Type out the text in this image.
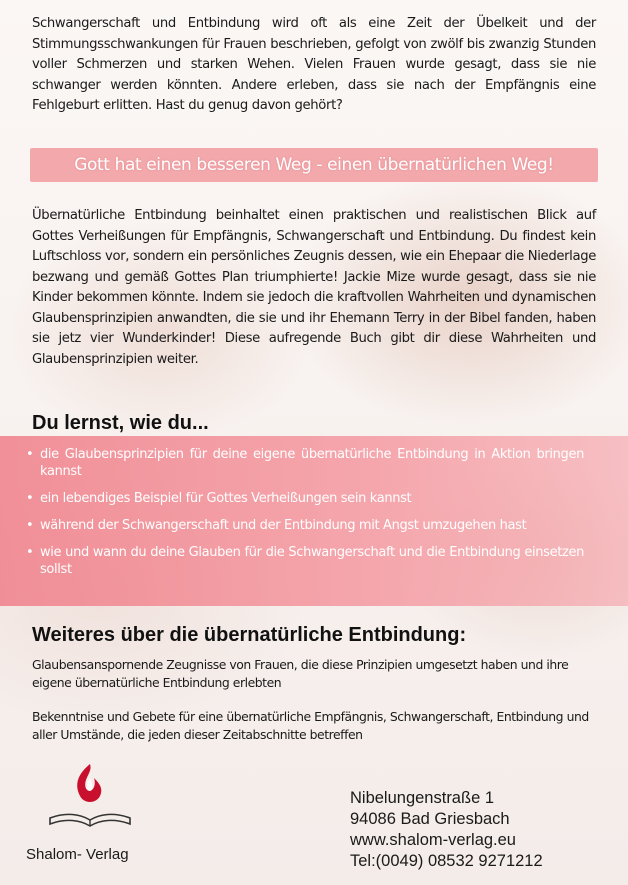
Schwangerschaft und Entbindung wird oft als eine Zeit der Übelkeit und der Stimmungsschwankungen für Frauen beschrieben, gefolgt von zwölf bis zwanzig Stunden voller Schmerzen und starken Wehen. Vielen Frauen wurde gesagt, dass sie nie schwanger werden könnten. Andere erleben, dass sie nach der Empfängnis eine Fehlgeburt erlitten. Hast du genug davon gehört?

Gott hat einen besseren Weg - einen übernatürlichen Weg!

Übernatürliche Entbindung beinhaltet einen praktischen und realistischen Blick auf Gottes Verheißungen für Empfängnis, Schwangerschaft und Entbindung. Du findest kein Luftschloss vor, sondern ein persönliches Zeugnis dessen, wie ein Ehepaar die Niederlage bezwang und gemäß Gottes Plan triumphierte! Jackie Mize wurde gesagt, dass sie nie Kinder bekommen könnte. Indem sie jedoch die kraftvollen Wahrheiten und dynamischen Glaubensprinzipien anwandten, die sie und ihr Ehemann Terry in der Bibel fanden, haben sie jetz vier Wunderkinder! Diese aufregende Buch gibt dir diese Wahrheiten und Glaubensprinzipien weiter.

Du lernst, wie du...
• die Glaubensprinzipien für deine eigene übernatürliche Entbindung in Aktion bringen kannst
• ein lebendiges Beispiel für Gottes Verheißungen sein kannst
• während der Schwangerschaft und der Entbindung mit Angst umzugehen hast
• wie und wann du deine Glauben für die Schwangerschaft und die Entbindung einsetzen sollst
Weiteres über die übernatürliche Entbindung:

Glaubensanspornende Zeugnisse von Frauen, die diese Prinzipien umgesetzt haben und ihre eigene übernatürliche Entbindung erlebten

Bekenntnise und Gebete für eine übernatürliche Empfängnis, Schwangerschaft, Entbindung und aller Umstände, die jeden dieser Zeitabschnitte betreffen

Shalom- Verlag

Nibelungenstraße 1
94086 Bad Griesbach
www.shalom-verlag.eu
Tel:(0049) 08532 9271212
